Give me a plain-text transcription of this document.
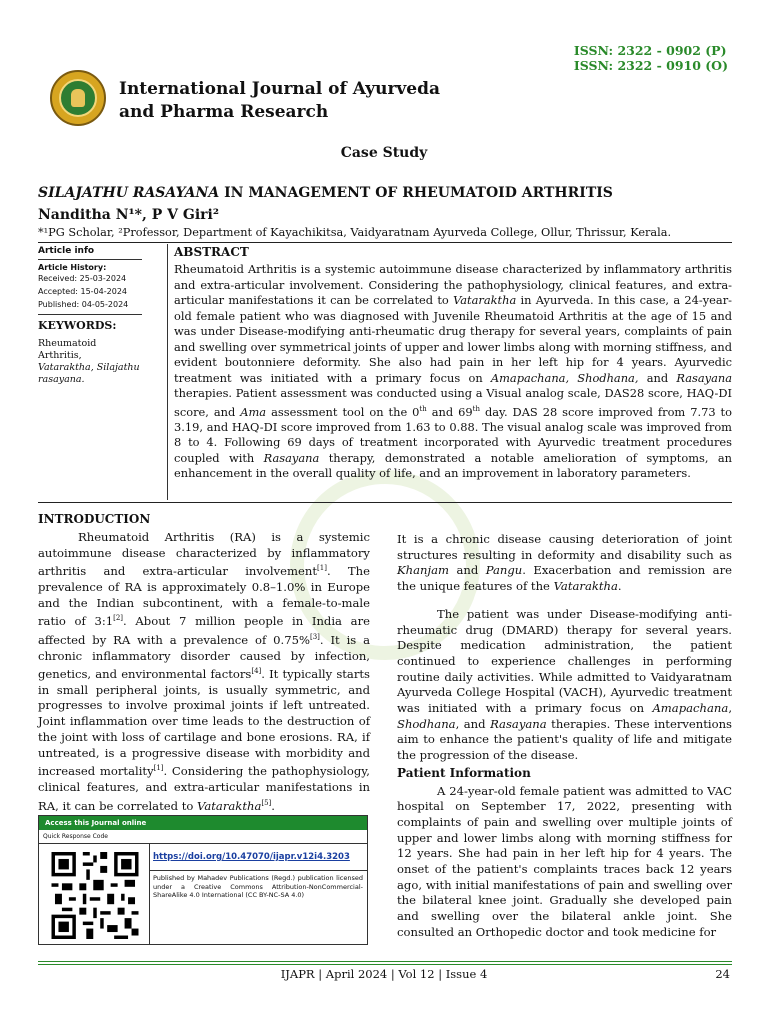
ISSN: 2322 - 0902 (P)
ISSN: 2322 - 0910 (O)
International Journal of Ayurveda
and Pharma Research
Case Study
SILAJATHU RASAYANA IN MANAGEMENT OF RHEUMATOID ARTHRITIS
Nanditha N¹*, P V Giri²
*¹PG Scholar, ²Professor, Department of Kayachikitsa, Vaidyaratnam Ayurveda College, Ollur, Thrissur, Kerala.
Article info
Article History:
Received: 25-03-2024
Accepted: 15-04-2024
Published: 04-05-2024
KEYWORDS:
Rheumatoid
Arthritis,
Vataraktha, Silajathu
rasayana.
ABSTRACT
Rheumatoid Arthritis is a systemic autoimmune disease characterized by inflammatory arthritis and extra-articular involvement. Considering the pathophysiology, clinical features, and extra-articular manifestations it can be correlated to Vataraktha in Ayurveda. In this case, a 24-year-old female patient who was diagnosed with Juvenile Rheumatoid Arthritis at the age of 15 and was under Disease-modifying anti-rheumatic drug therapy for several years, complaints of pain and swelling over symmetrical joints of upper and lower limbs along with morning stiffness, and evident boutonniere deformity. She also had pain in her left hip for 4 years. Ayurvedic treatment was initiated with a primary focus on Amapachana, Shodhana, and Rasayana therapies. Patient assessment was conducted using a Visual analog scale, DAS28 score, HAQ-DI score, and Ama assessment tool on the 0th and 69th day. DAS 28 score improved from 7.73 to 3.19, and HAQ-DI score improved from 1.63 to 0.88. The visual analog scale was improved from 8 to 4. Following 69 days of treatment incorporated with Ayurvedic treatment procedures coupled with Rasayana therapy, demonstrated a notable amelioration of symptoms, an enhancement in the overall quality of life, and an improvement in laboratory parameters.
INTRODUCTION

Rheumatoid Arthritis (RA) is a systemic autoimmune disease characterized by inflammatory arthritis and extra-articular involvement[1]. The prevalence of RA is approximately 0.8–1.0% in Europe and the Indian subcontinent, with a female-to-male ratio of 3:1[2]. About 7 million people in India are affected by RA with a prevalence of 0.75%[3]. It is a chronic inflammatory disorder caused by infection, genetics, and environmental factors[4]. It typically starts in small peripheral joints, is usually symmetric, and progresses to involve proximal joints if left untreated. Joint inflammation over time leads to the destruction of the joint with loss of cartilage and bone erosions. RA, if untreated, is a progressive disease with morbidity and increased mortality[1]. Considering the pathophysiology, clinical features, and extra-articular manifestations in RA, it can be correlated to Vataraktha[5].

It is a chronic disease causing deterioration of joint structures resulting in deformity and disability such as Khanjam and Pangu. Exacerbation and remission are the unique features of the Vataraktha.

The patient was under Disease-modifying anti-rheumatic drug (DMARD) therapy for several years. Despite medication administration, the patient continued to experience challenges in performing routine daily activities. While admitted to Vaidyaratnam Ayurveda College Hospital (VACH), Ayurvedic treatment was initiated with a primary focus on Amapachana, Shodhana, and Rasayana therapies. These interventions aim to enhance the patient's quality of life and mitigate the progression of the disease.

Patient Information

A 24-year-old female patient was admitted to VAC hospital on September 17, 2022, presenting with complaints of pain and swelling over multiple joints of upper and lower limbs along with morning stiffness for 12 years. She had pain in her left hip for 4 years. The onset of the patient's complaints traces back 12 years ago, with initial manifestations of pain and swelling over the bilateral knee joint. Gradually she developed pain and swelling over the bilateral ankle joint. She consulted an Orthopedic doctor and took medicine for

Access this Journal online
Quick Response Code
https://doi.org/10.47070/ijapr.v12i4.3203
Published by Mahadev Publications (Regd.) publication licensed under a Creative Commons Attribution-NonCommercial-ShareAlike 4.0 International (CC BY-NC-SA 4.0)
IJAPR | April 2024 | Vol 12 | Issue 4	24
